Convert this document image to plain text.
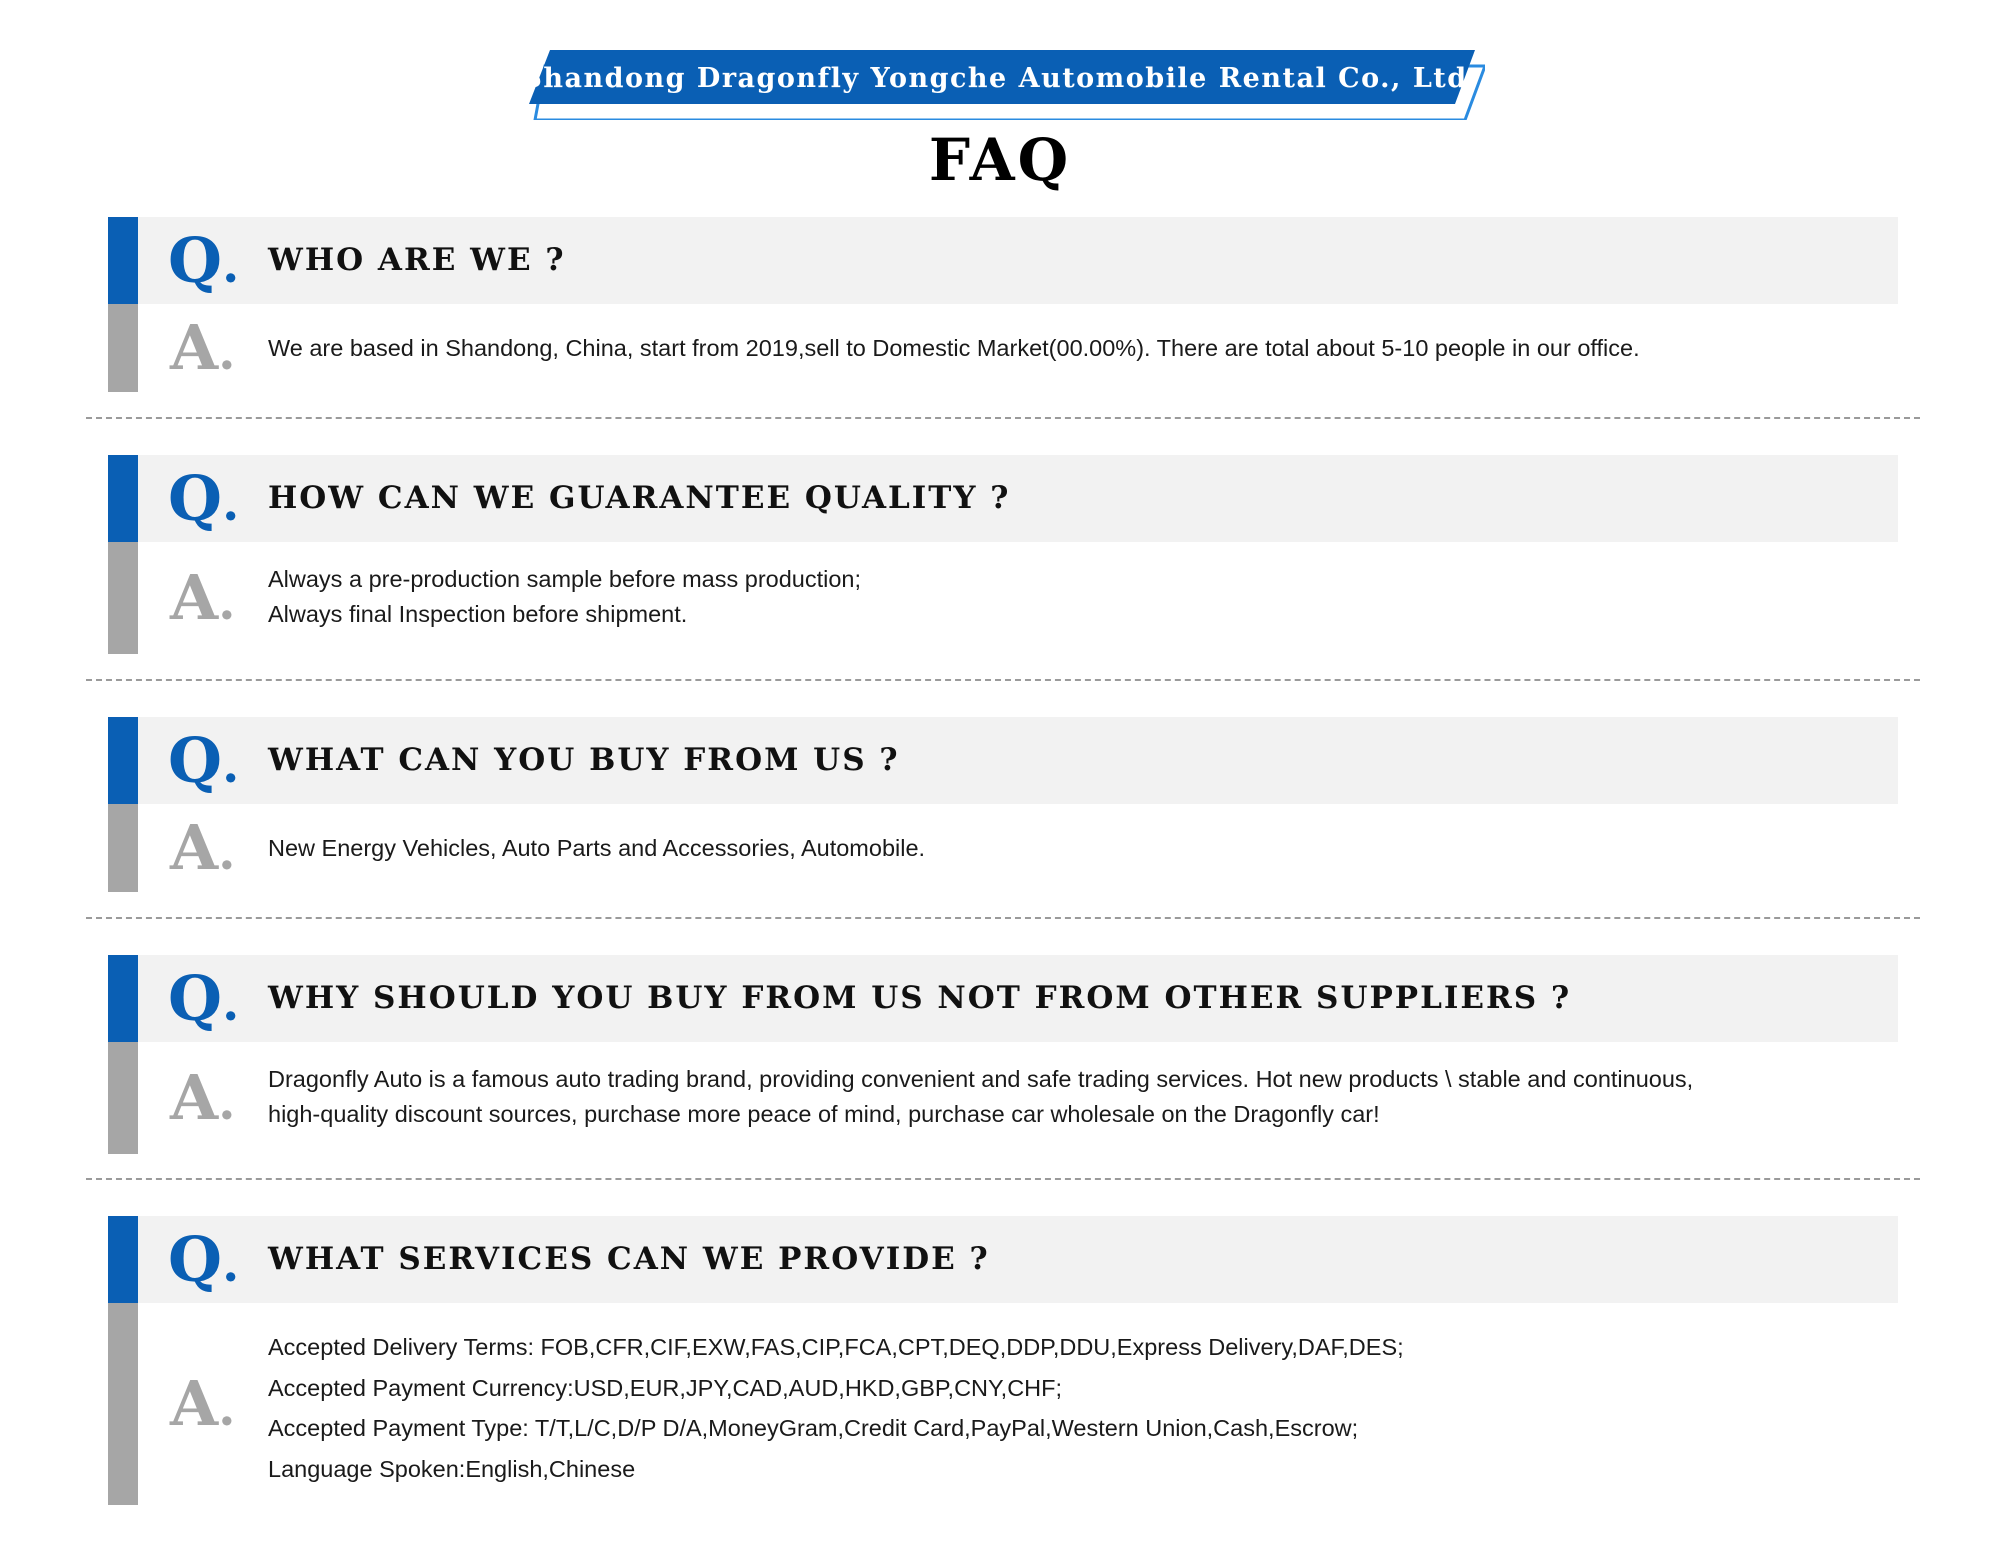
Shandong Dragonfly Yongche Automobile Rental Co., Ltd
FAQ
Q. WHO ARE WE ?
A. We are based in Shandong, China, start from 2019,sell to Domestic Market(00.00%). There are total about 5-10 people in our office.
Q. HOW CAN WE GUARANTEE QUALITY ?
A. Always a pre-production sample before mass production;
Always final Inspection before shipment.
Q. WHAT CAN YOU BUY FROM US ?
A. New Energy Vehicles, Auto Parts and Accessories, Automobile.
Q. WHY SHOULD YOU BUY FROM US NOT FROM OTHER SUPPLIERS ?
A. Dragonfly Auto is a famous auto trading brand, providing convenient and safe trading services. Hot new products \ stable and continuous,
high-quality discount sources, purchase more peace of mind, purchase car wholesale on the Dragonfly car!
Q. WHAT SERVICES CAN WE PROVIDE ?
A.
Accepted Delivery Terms: FOB,CFR,CIF,EXW,FAS,CIP,FCA,CPT,DEQ,DDP,DDU,Express Delivery,DAF,DES;
Accepted Payment Currency:USD,EUR,JPY,CAD,AUD,HKD,GBP,CNY,CHF;
Accepted Payment Type: T/T,L/C,D/P D/A,MoneyGram,Credit Card,PayPal,Western Union,Cash,Escrow;
Language Spoken:English,Chinese
